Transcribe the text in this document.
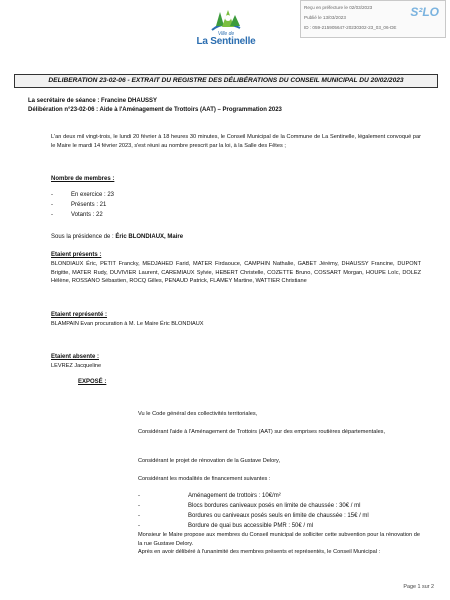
Ville de
La Sentinelle
Reçu en préfecture le 02/03/2023
Publié le 13/03/2023
ID : 059-215905647-20230302-23_03_06-DE
S²LO
DELIBERATION 23-02-06 - EXTRAIT DU REGISTRE DES DÉLIBÉRATIONS DU CONSEIL MUNICIPAL DU 20/02/2023
La secrétaire de séance : Francine DHAUSSY
Délibération n°23-02-06 : Aide à l'Aménagement de Trottoirs (AAT) – Programmation 2023
L'an deux mil vingt-trois, le lundi 20 février à 18 heures 30 minutes, le Conseil Municipal de la Commune de La Sentinelle, légalement convoqué par le Maire le mardi 14 février 2023, s'est réuni au nombre prescrit par la loi, à la Salle des Fêtes ;
Nombre de membres :
-	En exercice : 23
-	Présents : 21
-	Votants : 22
Sous la présidence de : Éric BLONDIAUX, Maire
Etaient présents :
BLONDIAUX Éric, PETIT Francky, MEDJAHED Farid, MATER Firdaouce, CAMPHIN Nathalie, GABET Jérémy, DHAUSSY Francine, DUPONT Brigitte, MATER Rudy, DUVIVIER Laurent, CAREMIAUX Sylvie, HEBERT Christelle, COZETTE Bruno, COSSART Morgan, HOUPE Loïc, DOLEZ Hélène, ROSSANO Sébastien, ROCQ Gilles, PENAUD Patrick, FLAMEY Martine, WATTIER Christiane
Etaient représenté :
BLAMPAIN Evan procuration à M. Le Maire Éric BLONDIAUX
Etaient absente :
LEVREZ Jacqueline
EXPOSÉ :
Vu le Code général des collectivités territoriales,
Considérant l'aide à l'Aménagement de Trottoirs (AAT) sur des emprises routières départementales,
Considérant le projet de rénovation de la Gustave Delory,
Considérant les modalités de financement suivantes :
-	Aménagement de trottoirs : 10€/m²
-	Blocs bordures caniveaux posés en limite de chaussée : 30€ / ml
-	Bordures ou caniveaux posés seuls en limite de chaussée : 15€ / ml
-	Bordure de quai bus accessible PMR : 50€ / ml
Monsieur le Maire propose aux membres du Conseil municipal de solliciter cette subvention pour la rénovation de la rue Gustave Delory.
Après en avoir délibéré à l'unanimité des membres présents et représentés, le Conseil Municipal :
Page 1 sur 2
